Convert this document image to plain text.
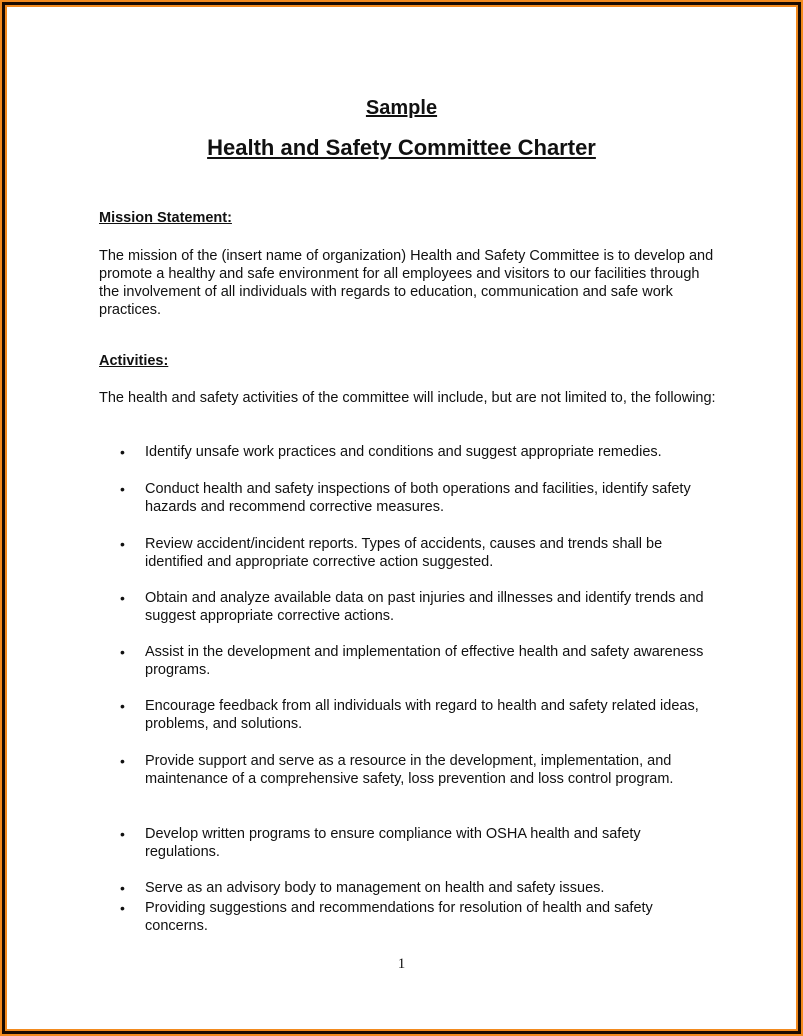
Sample
Health and Safety Committee Charter
Mission Statement:
The mission of the (insert name of organization) Health and Safety Committee is to develop and promote a healthy and safe environment for all employees and visitors to our facilities through the involvement of all individuals with regards to education, communication and safe work practices.
Activities:
The health and safety activities of the committee will include, but are not limited to, the following:
• Identify unsafe work practices and conditions and suggest appropriate remedies.
• Conduct health and safety inspections of both operations and facilities, identify safety hazards and recommend corrective measures.
• Review accident/incident reports. Types of accidents, causes and trends shall be identified and appropriate corrective action suggested.
• Obtain and analyze available data on past injuries and illnesses and identify trends and suggest appropriate corrective actions.
• Assist in the development and implementation of effective health and safety awareness programs.
• Encourage feedback from all individuals with regard to health and safety related ideas, problems, and solutions.
• Provide support and serve as a resource in the development, implementation, and maintenance of a comprehensive safety, loss prevention and loss control program.
• Develop written programs to ensure compliance with OSHA health and safety regulations.
• Serve as an advisory body to management on health and safety issues.
• Providing suggestions and recommendations for resolution of health and safety concerns.
1
